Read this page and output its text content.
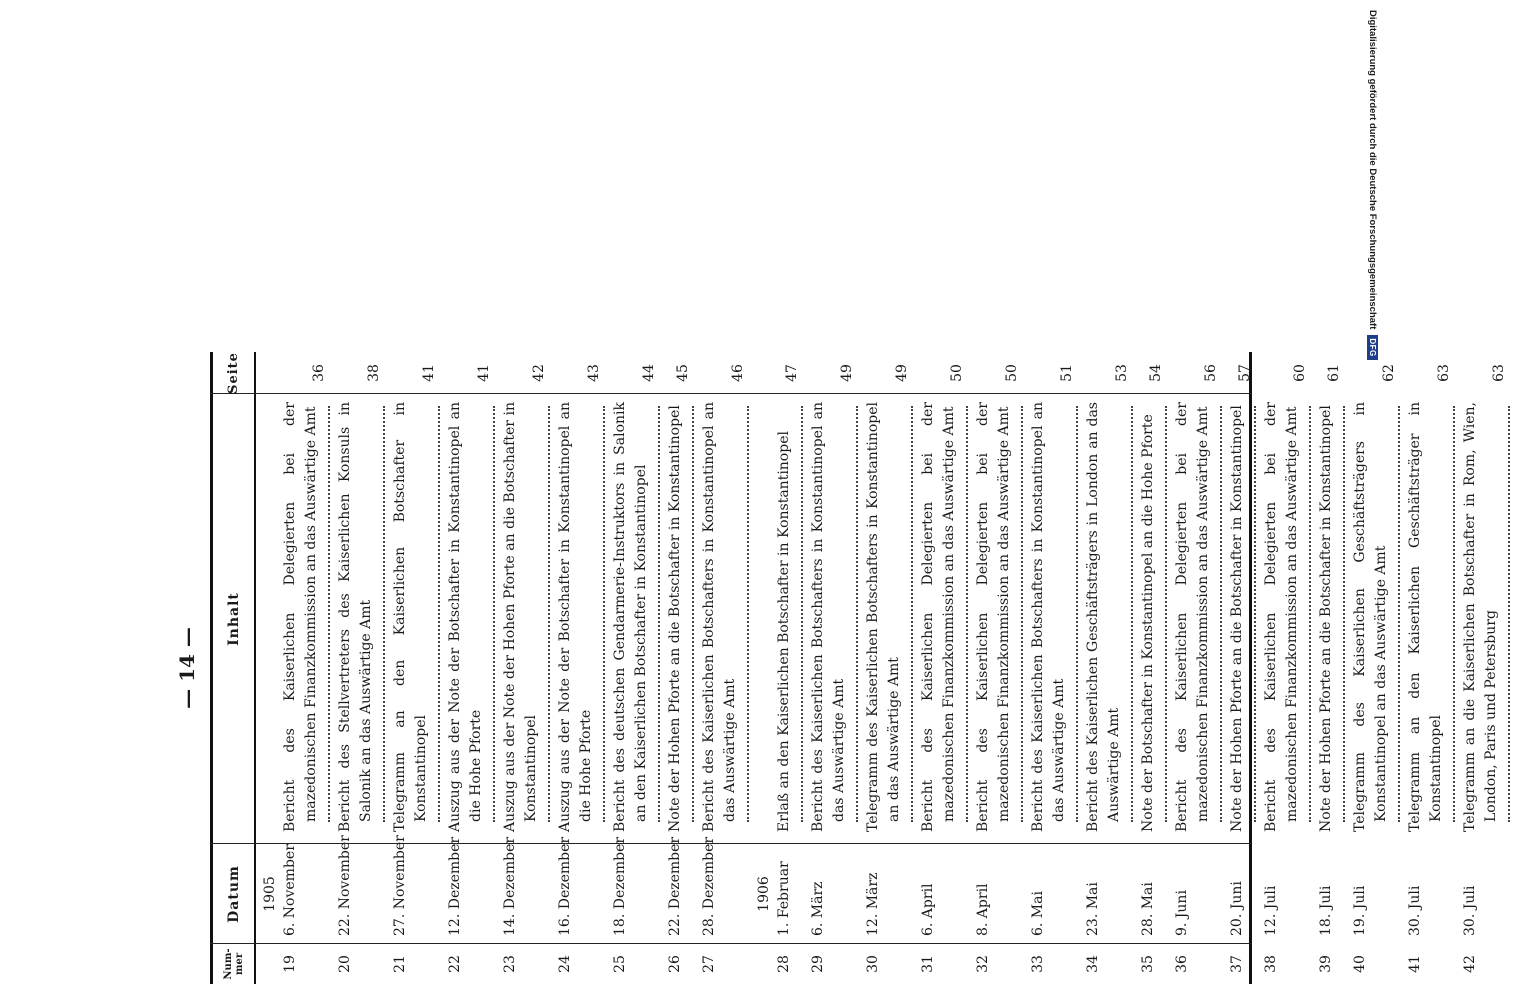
— 14 —
Num-
mer
Datum
Inhalt
Seite
1905
19
6. November
Bericht des Kaiserlichen Delegierten bei der mazedonischen Finanzkommission an das Auswärtige Amt
36
20
22. November
Bericht des Stellvertreters des Kaiserlichen Konsuls in Salonik an das Auswärtige Amt
38
21
27. November
Telegramm an den Kaiserlichen Botschafter in Konstantinopel
41
22
12. Dezember
Auszug aus der Note der Botschafter in Konstantinopel an die Hohe Pforte
41
23
14. Dezember
Auszug aus der Note der Hohen Pforte an die Botschafter in Konstantinopel
42
24
16. Dezember
Auszug aus der Note der Botschafter in Konstantinopel an die Hohe Pforte
43
25
18. Dezember
Bericht des deutschen Gendarmerie-Instruktors in Salonik an den Kaiserlichen Botschafter in Konstantinopel
44
26
22. Dezember
Note der Hohen Pforte an die Botschafter in Konstantinopel
45
27
28. Dezember
Bericht des Kaiserlichen Botschafters in Konstantinopel an das Auswärtige Amt
46
1906
28
1. Februar
Erlaß an den Kaiserlichen Botschafter in Konstantinopel
47
29
6. März
Bericht des Kaiserlichen Botschafters in Konstantinopel an das Auswärtige Amt
49
30
12. März
Telegramm des Kaiserlichen Botschafters in Konstantinopel an das Auswärtige Amt
49
31
6. April
Bericht des Kaiserlichen Delegierten bei der mazedonischen Finanzkommission an das Auswärtige Amt
50
32
8. April
Bericht des Kaiserlichen Delegierten bei der mazedonischen Finanzkommission an das Auswärtige Amt
50
33
6. Mai
Bericht des Kaiserlichen Botschafters in Konstantinopel an das Auswärtige Amt
51
34
23. Mai
Bericht des Kaiserlichen Geschäftsträgers in London an das Auswärtige Amt
53
35
28. Mai
Note der Botschafter in Konstantinopel an die Hohe Pforte
54
36
9. Juni
Bericht des Kaiserlichen Delegierten bei der mazedonischen Finanzkommission an das Auswärtige Amt
56
37
20. Juni
Note der Hohen Pforte an die Botschafter in Konstantinopel
57
38
12. Juli
Bericht des Kaiserlichen Delegierten bei der mazedonischen Finanzkommission an das Auswärtige Amt
60
39
18. Juli
Note der Hohen Pforte an die Botschafter in Konstantinopel
61
40
19. Juli
Telegramm des Kaiserlichen Geschäftsträgers in Konstantinopel an das Auswärtige Amt
62
41
30. Juli
Telegramm an den Kaiserlichen Geschäftsträger in Konstantinopel
63
42
30. Juli
Telegramm an die Kaiserlichen Botschafter in Rom, Wien, London, Paris und Petersburg
63
Digitalisierung gefördert durch die Deutsche Forschungsgemeinschaft
DFG
